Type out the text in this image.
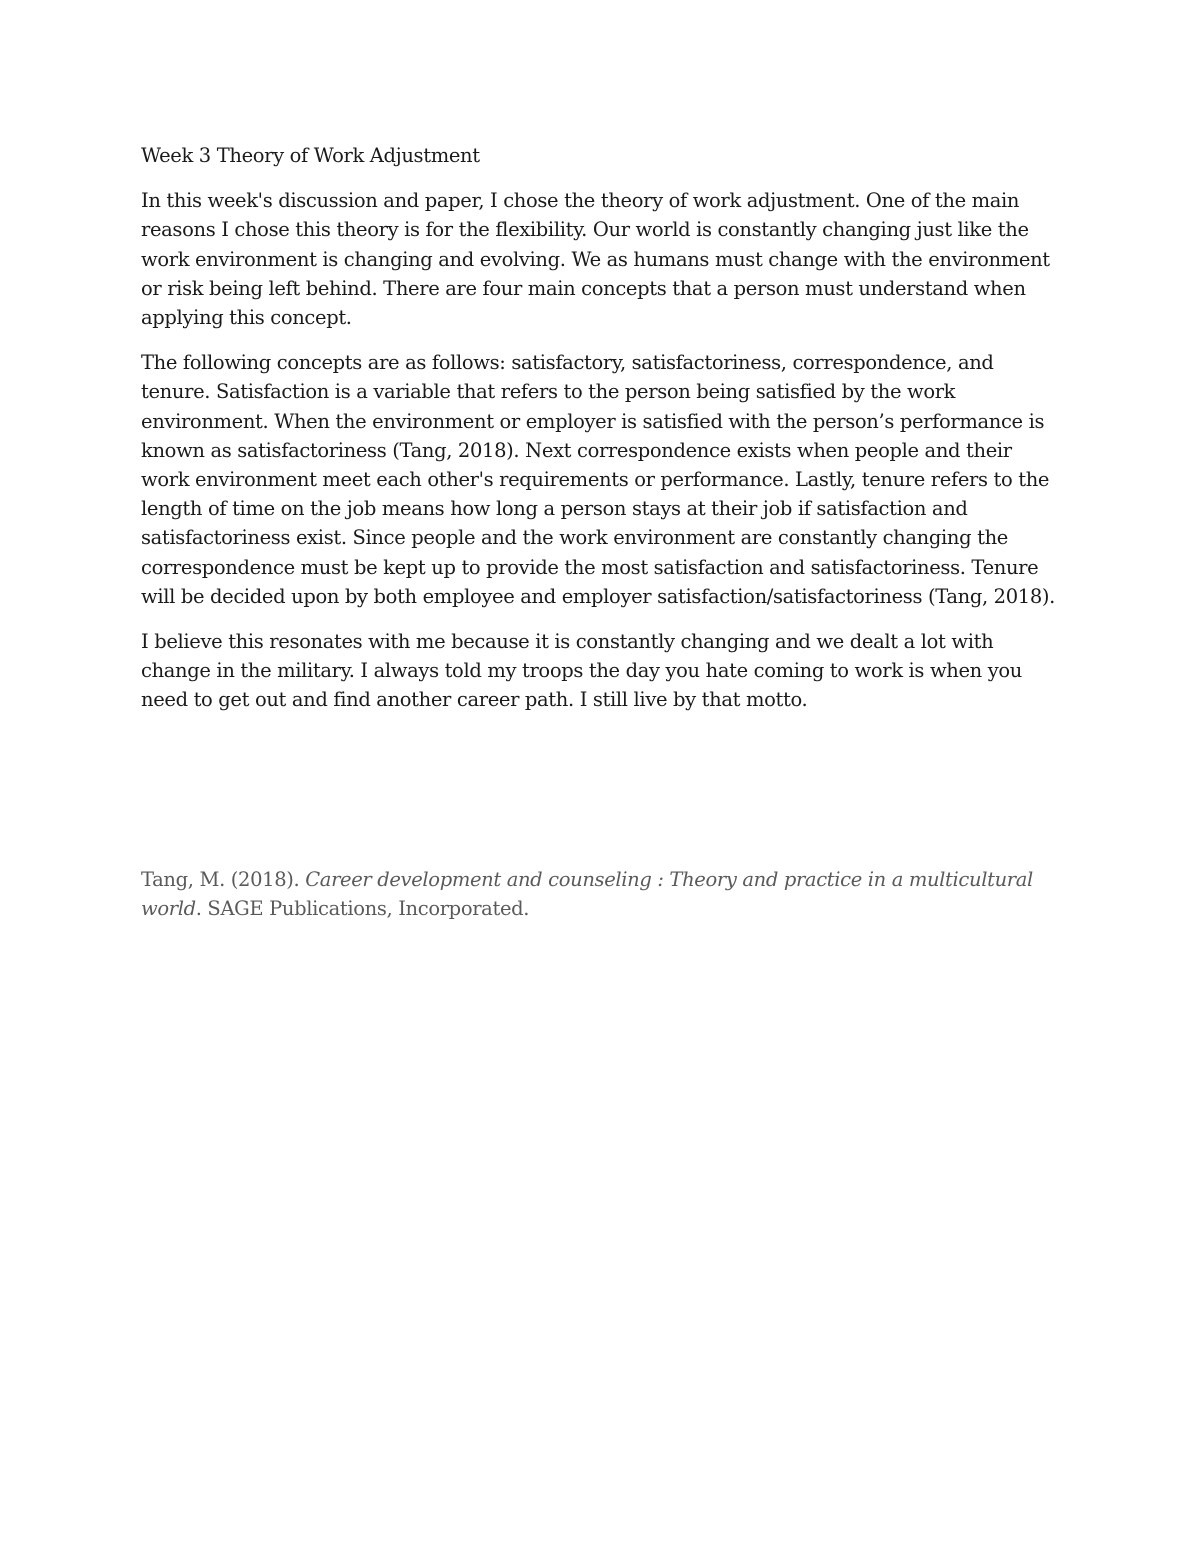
Week 3 Theory of Work Adjustment

In this week's discussion and paper, I chose the theory of work adjustment. One of the main reasons I chose this theory is for the flexibility. Our world is constantly changing just like the work environment is changing and evolving. We as humans must change with the environment or risk being left behind. There are four main concepts that a person must understand when applying this concept.

The following concepts are as follows: satisfactory, satisfactoriness, correspondence, and tenure. Satisfaction is a variable that refers to the person being satisfied by the work environment. When the environment or employer is satisfied with the person’s performance is known as satisfactoriness (Tang, 2018). Next correspondence exists when people and their work environment meet each other's requirements or performance. Lastly, tenure refers to the length of time on the job means how long a person stays at their job if satisfaction and satisfactoriness exist. Since people and the work environment are constantly changing the correspondence must be kept up to provide the most satisfaction and satisfactoriness. Tenure will be decided upon by both employee and employer satisfaction/satisfactoriness (Tang, 2018).

I believe this resonates with me because it is constantly changing and we dealt a lot with change in the military. I always told my troops the day you hate coming to work is when you need to get out and find another career path. I still live by that motto.

Tang, M. (2018). Career development and counseling : Theory and practice in a multicultural world. SAGE Publications, Incorporated.
